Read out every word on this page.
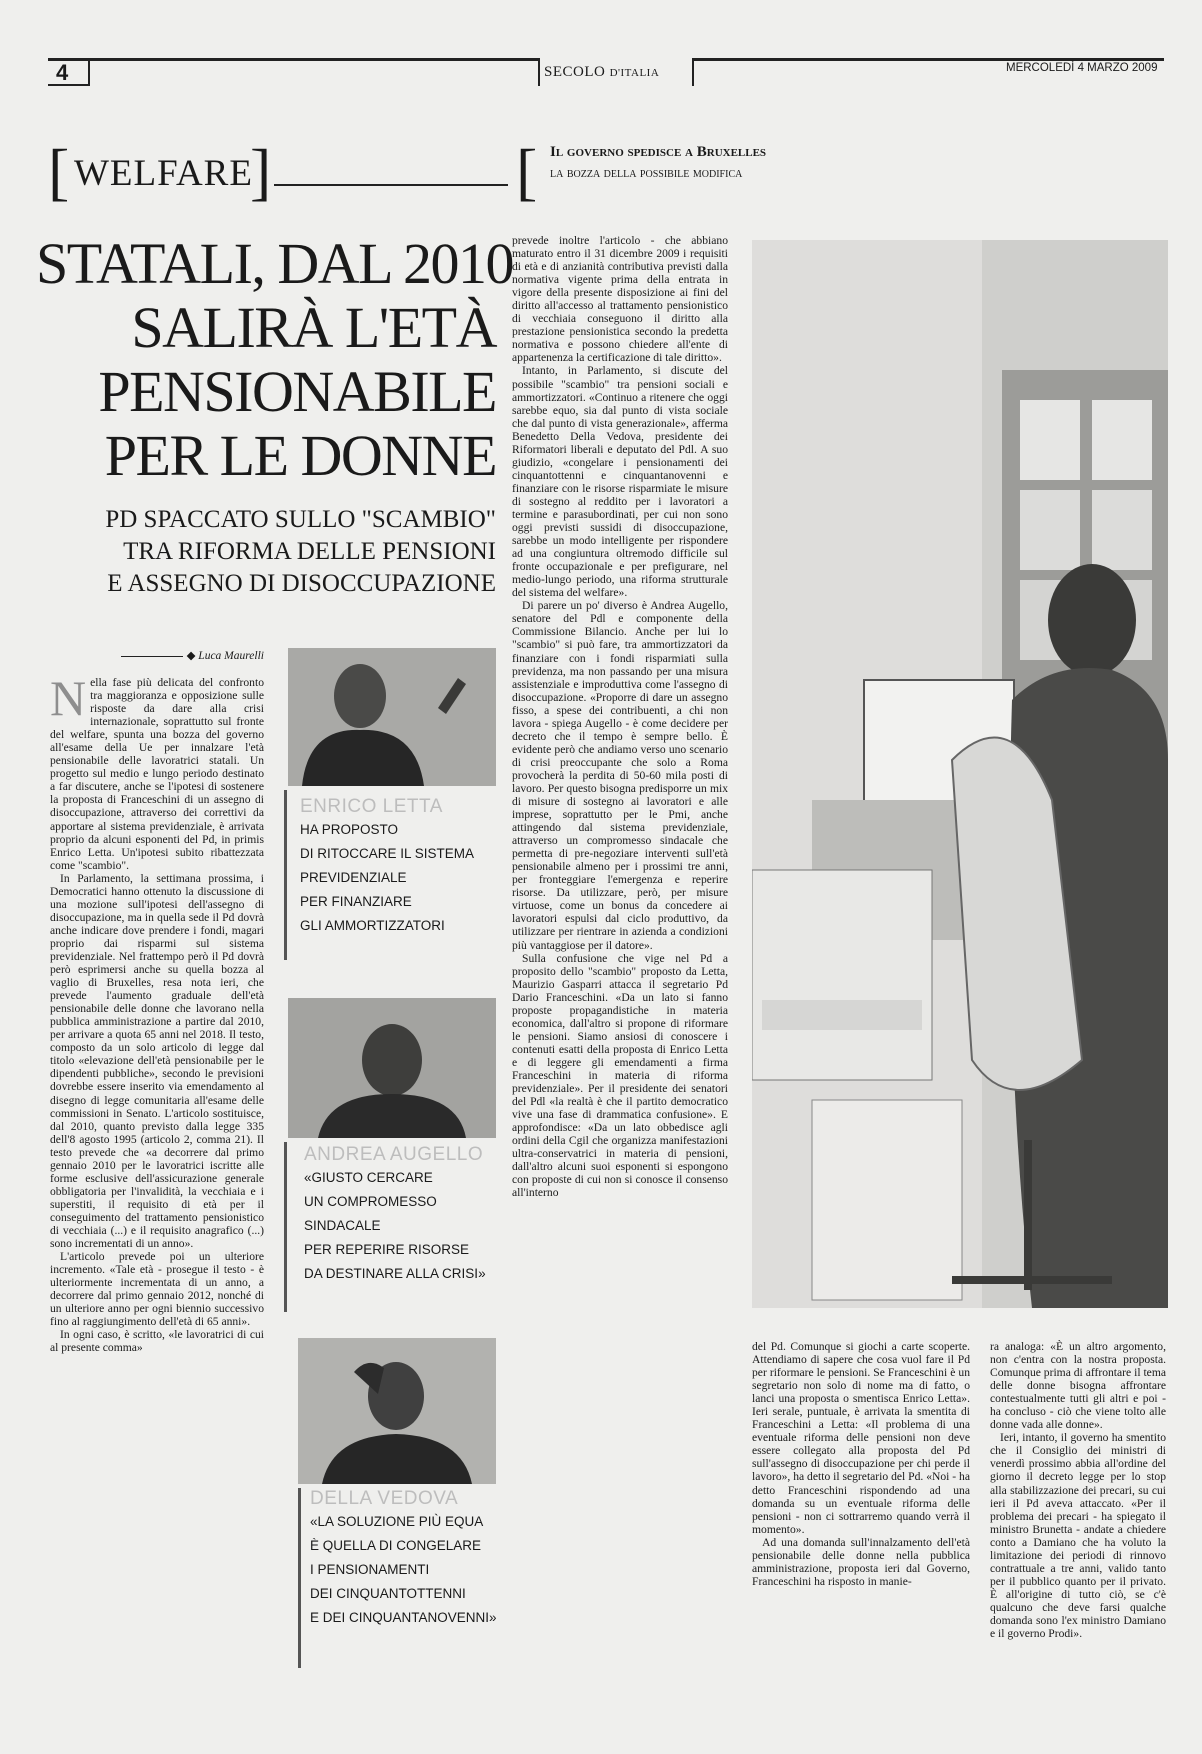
4	SECOLO D'ITALIA	MERCOLEDÌ 4 MARZO 2009
[ WELFARE
]	[ Il governo spedisce a Bruxelles
la bozza della possibile modifica
STATALI, DAL 2010
SALIRÀ L'ETÀ
PENSIONABILE
PER LE DONNE
PD SPACCATO SULLO "SCAMBIO"
TRA RIFORMA DELLE PENSIONI
E ASSEGNO DI DISOCCUPAZIONE
◆ Luca Maurelli

Nella fase più delicata del confronto tra maggioranza e opposizione sulle risposte da dare alla crisi internazionale, soprattutto sul fronte del welfare, spunta una bozza del governo all'esame della Ue per innalzare l'età pensionabile delle lavoratrici statali. Un progetto sul medio e lungo periodo destinato a far discutere, anche se l'ipotesi di sostenere la proposta di Franceschini di un assegno di disoccupazione, attraverso dei correttivi da apportare al sistema previdenziale, è arrivata proprio da alcuni esponenti del Pd, in primis Enrico Letta. Un'ipotesi subito ribattezzata come "scambio".

In Parlamento, la settimana prossima, i Democratici hanno ottenuto la discussione di una mozione sull'ipotesi dell'assegno di disoccupazione, ma in quella sede il Pd dovrà anche indicare dove prendere i fondi, magari proprio dai risparmi sul sistema previdenziale. Nel frattempo però il Pd dovrà però esprimersi anche su quella bozza al vaglio di Bruxelles, resa nota ieri, che prevede l'aumento graduale dell'età pensionabile delle donne che lavorano nella pubblica amministrazione a partire dal 2010, per arrivare a quota 65 anni nel 2018. Il testo, composto da un solo articolo di legge dal titolo «elevazione dell'età pensionabile per le dipendenti pubbliche», secondo le previsioni dovrebbe essere inserito via emendamento al disegno di legge comunitaria all'esame delle commissioni in Senato. L'articolo sostituisce, dal 2010, quanto previsto dalla legge 335 dell'8 agosto 1995 (articolo 2, comma 21). Il testo prevede che «a decorrere dal primo gennaio 2010 per le lavoratrici iscritte alle forme esclusive dell'assicurazione generale obbligatoria per l'invalidità, la vecchiaia e i superstiti, il requisito di età per il conseguimento del trattamento pensionistico di vecchiaia (...) e il requisito anagrafico (...) sono incrementati di un anno».

L'articolo prevede poi un ulteriore incremento. «Tale età - prosegue il testo - è ulteriormente incrementata di un anno, a decorrere dal primo gennaio 2012, nonché di un ulteriore anno per ogni biennio successivo fino al raggiungimento dell'età di 65 anni».

In ogni caso, è scritto, «le lavoratrici di cui al presente comma»

ENRICO LETTA
HA PROPOSTO
DI RITOCCARE IL SISTEMA
PREVIDENZIALE
PER FINANZIARE
GLI AMMORTIZZATORI
ANDREA AUGELLO
«GIUSTO CERCARE
UN COMPROMESSO
SINDACALE
PER REPERIRE RISORSE
DA DESTINARE ALLA CRISI»
DELLA VEDOVA
«LA SOLUZIONE PIÙ EQUA
È QUELLA DI CONGELARE
I PENSIONAMENTI
DEI CINQUANTOTTENNI
E DEI CINQUANTANOVENNI»

prevede inoltre l'articolo - che abbiano maturato entro il 31 dicembre 2009 i requisiti di età e di anzianità contributiva previsti dalla normativa vigente prima della entrata in vigore della presente disposizione ai fini del diritto all'accesso al trattamento pensionistico di vecchiaia conseguono il diritto alla prestazione pensionistica secondo la predetta normativa e possono chiedere all'ente di appartenenza la certificazione di tale diritto».

Intanto, in Parlamento, si discute del possibile "scambio" tra pensioni sociali e ammortizzatori. «Continuo a ritenere che oggi sarebbe equo, sia dal punto di vista sociale che dal punto di vista generazionale», afferma Benedetto Della Vedova, presidente dei Riformatori liberali e deputato del Pdl. A suo giudizio, «congelare i pensionamenti dei cinquantottenni e cinquantanovenni e finanziare con le risorse risparmiate le misure di sostegno al reddito per i lavoratori a termine e parasubordinati, per cui non sono oggi previsti sussidi di disoccupazione, sarebbe un modo intelligente per rispondere ad una congiuntura oltremodo difficile sul fronte occupazionale e per prefigurare, nel medio-lungo periodo, una riforma strutturale del sistema del welfare».

Di parere un po' diverso è Andrea Augello, senatore del Pdl e componente della Commissione Bilancio. Anche per lui lo "scambio" si può fare, tra ammortizzatori da finanziare con i fondi risparmiati sulla previdenza, ma non passando per una misura assistenziale e improduttiva come l'assegno di disoccupazione. «Proporre di dare un assegno fisso, a spese dei contribuenti, a chi non lavora - spiega Augello - è come decidere per decreto che il tempo è sempre bello. È evidente però che andiamo verso uno scenario di crisi preoccupante che solo a Roma provocherà la perdita di 50-60 mila posti di lavoro. Per questo bisogna predisporre un mix di misure di sostegno ai lavoratori e alle imprese, soprattutto per le Pmi, anche attingendo dal sistema previdenziale, attraverso un compromesso sindacale che permetta di pre-negoziare interventi sull'età pensionabile almeno per i prossimi tre anni, per fronteggiare l'emergenza e reperire risorse. Da utilizzare, però, per misure virtuose, come un bonus da concedere ai lavoratori espulsi dal ciclo produttivo, da utilizzare per rientrare in azienda a condizioni più vantaggiose per il datore».

Sulla confusione che vige nel Pd a proposito dello "scambio" proposto da Letta, Maurizio Gasparri attacca il segretario Pd Dario Franceschini. «Da un lato si fanno proposte propagandistiche in materia economica, dall'altro si propone di riformare le pensioni. Siamo ansiosi di conoscere i contenuti esatti della proposta di Enrico Letta e di leggere gli emendamenti a firma Franceschini in materia di riforma previdenziale». Per il presidente dei senatori del Pdl «la realtà è che il partito democratico vive una fase di drammatica confusione». E approfondisce: «Da un lato obbedisce agli ordini della Cgil che organizza manifestazioni ultra-conservatrici in materia di pensioni, dall'altro alcuni suoi esponenti si espongono con proposte di cui non si conosce il consenso all'interno

del Pd. Comunque si giochi a carte scoperte. Attendiamo di sapere che cosa vuol fare il Pd per riformare le pensioni. Se Franceschini è un segretario non solo di nome ma di fatto, o lanci una proposta o smentisca Enrico Letta». Ieri serale, puntuale, è arrivata la smentita di Franceschini a Letta: «Il problema di una eventuale riforma delle pensioni non deve essere collegato alla proposta del Pd sull'assegno di disoccupazione per chi perde il lavoro», ha detto il segretario del Pd. «Noi - ha detto Franceschini rispondendo ad una domanda su un eventuale riforma delle pensioni - non ci sottrarremo quando verrà il momento».

Ad una domanda sull'innalzamento dell'età pensionabile delle donne nella pubblica amministrazione, proposta ieri dal Governo, Franceschini ha risposto in manie-

ra analoga: «È un altro argomento, non c'entra con la nostra proposta. Comunque prima di affrontare il tema delle donne bisogna affrontare contestualmente tutti gli altri e poi - ha concluso - ciò che viene tolto alle donne vada alle donne».

Ieri, intanto, il governo ha smentito che il Consiglio dei ministri di venerdì prossimo abbia all'ordine del giorno il decreto legge per lo stop alla stabilizzazione dei precari, su cui ieri il Pd aveva attaccato. «Per il problema dei precari - ha spiegato il ministro Brunetta - andate a chiedere conto a Damiano che ha voluto la limitazione dei periodi di rinnovo contrattuale a tre anni, valido tanto per il pubblico quanto per il privato. È all'origine di tutto ciò, se c'è qualcuno che deve farsi qualche domanda sono l'ex ministro Damiano e il governo Prodi».
